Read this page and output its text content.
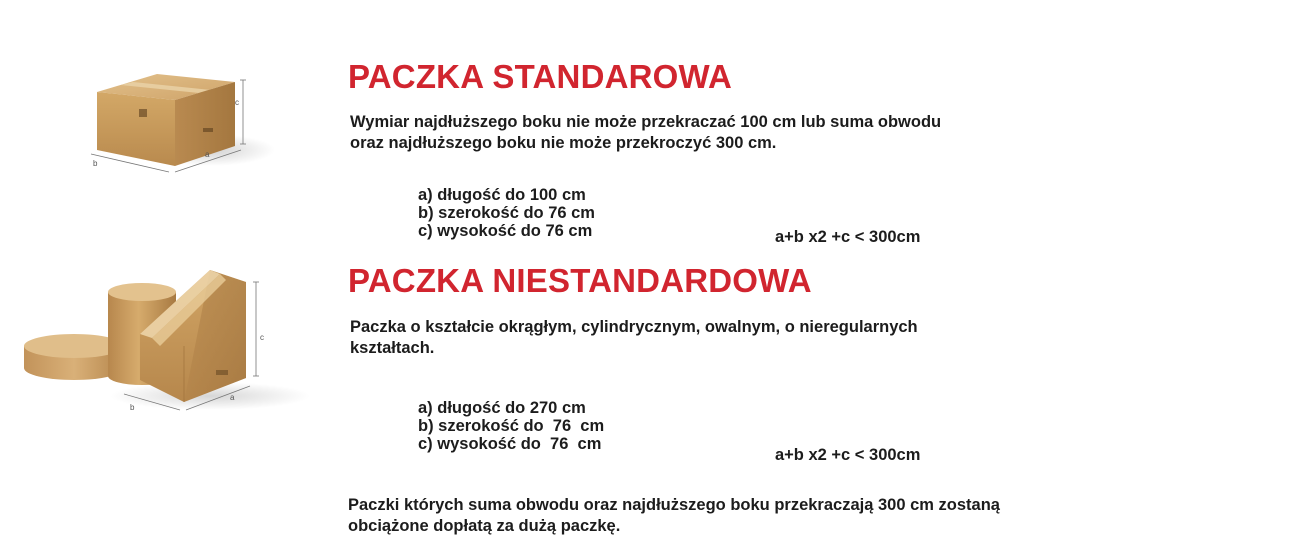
c
a
b
PACZKA STANDAROWA

Wymiar najdłuższego boku nie może przekraczać 100 cm lub suma obwodu

oraz najdłuższego boku nie może przekroczyć 300 cm.

a) długość do 100 cm

b) szerokość do 76 cm

c) wysokość do 76 cm	a+b x2 +c < 300cm

c
a
b
PACZKA NIESTANDARDOWA

Paczka o kształcie okrągłym, cylindrycznym, owalnym, o nieregularnych

kształtach.

a) długość do 270 cm

b) szerokość do  76  cm

c) wysokość do  76  cm

a+b x2 +c < 300cm

Paczki których suma obwodu oraz najdłuższego boku przekraczają 300 cm zostaną

obciążone dopłatą za dużą paczkę.
